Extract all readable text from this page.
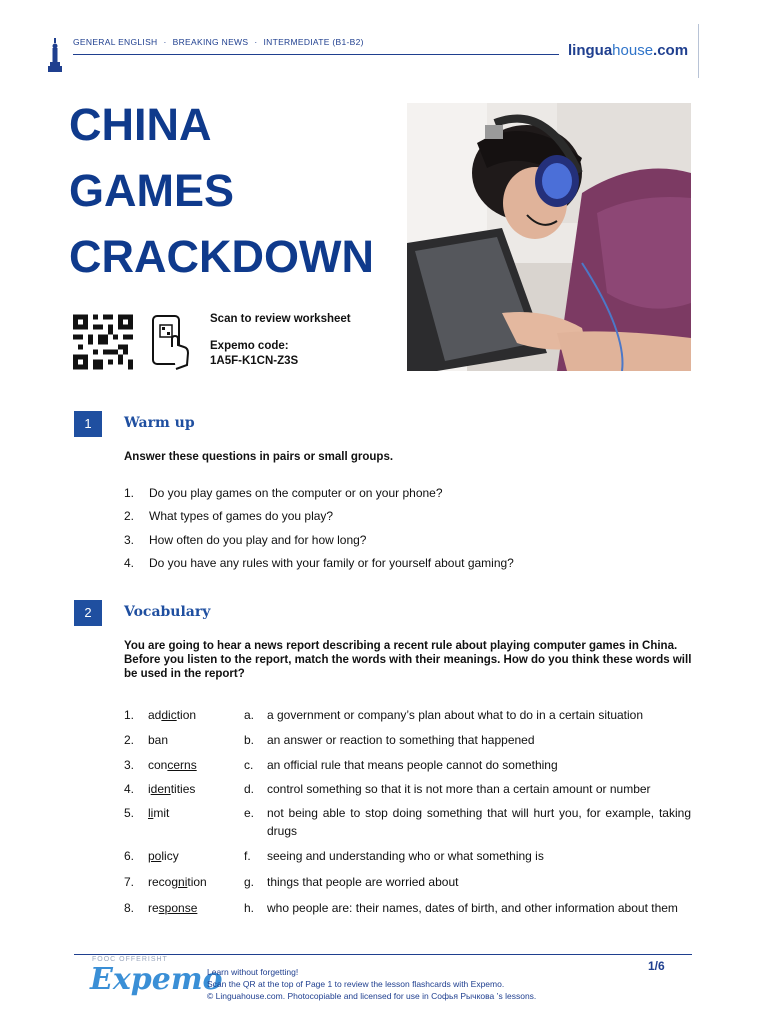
GENERAL ENGLISH · BREAKING NEWS · INTERMEDIATE (B1-B2)	linguahouse.com
CHINA
GAMES
CRACKDOWN
Scan to review worksheet
Expemo code:
1A5F-K1CN-Z3S
1	Warm up
Answer these questions in pairs or small groups.
1. Do you play games on the computer or on your phone?
2. What types of games do you play?
3. How often do you play and for how long?
4. Do you have any rules with your family or for yourself about gaming?
2	Vocabulary
You are going to hear a news report describing a recent rule about playing computer games in China. Before you listen to the report, match the words with their meanings. How do you think these words will be used in the report?
1.	addiction	a. a government or company’s plan about what to do in a certain situation
2.	ban	b. an answer or reaction to something that happened
3.	concerns	c. an official rule that means people cannot do something
4.	identities	d. control something so that it is not more than a certain amount or number
5.	limit	e. not being able to stop doing something that will hurt you, for example, taking drugs
6.	policy	f. seeing and understanding who or what something is
7.	recognition	g. things that people are worried about
8.	response	h. who people are: their names, dates of birth, and other information about them
FOOC OFFERISHT
Expemo
Learn without forgetting!
Scan the QR at the top of Page 1 to review the lesson flashcards with Expemo.
© Linguahouse.com. Photocopiable and licensed for use in Софья Рычкова ’s lessons.
1/6
